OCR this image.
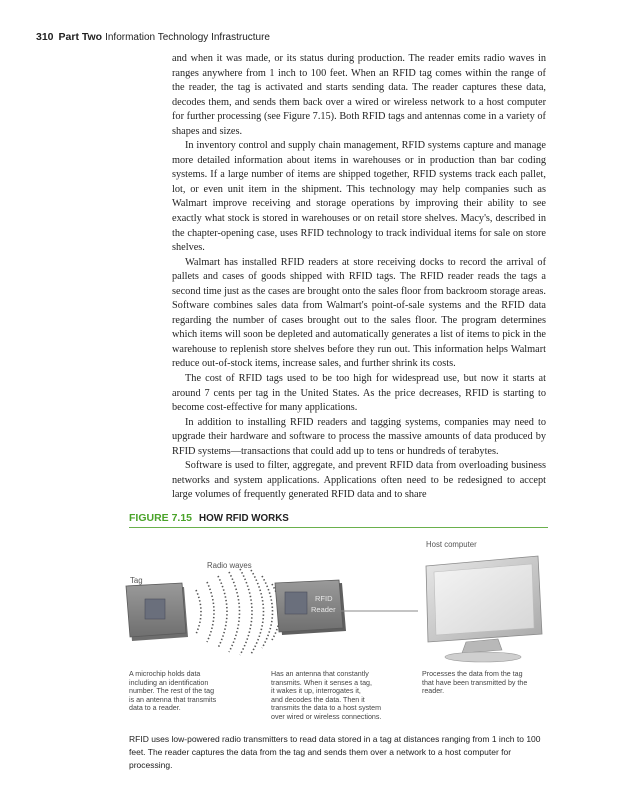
310 Part Two Information Technology Infrastructure

and when it was made, or its status during production. The reader emits radio waves in ranges anywhere from 1 inch to 100 feet. When an RFID tag comes within the range of the reader, the tag is activated and starts sending data. The reader captures these data, decodes them, and sends them back over a wired or wireless network to a host computer for further processing (see Figure 7.15). Both RFID tags and antennas come in a variety of shapes and sizes.

In inventory control and supply chain management, RFID systems capture and manage more detailed information about items in warehouses or in production than bar coding systems. If a large number of items are shipped together, RFID systems track each pallet, lot, or even unit item in the shipment. This technology may help companies such as Walmart improve receiving and storage operations by improving their ability to see exactly what stock is stored in warehouses or on retail store shelves. Macy's, described in the chapter-opening case, uses RFID technology to track individual items for sale on store shelves.

Walmart has installed RFID readers at store receiving docks to record the arrival of pallets and cases of goods shipped with RFID tags. The RFID reader reads the tags a second time just as the cases are brought onto the sales floor from backroom storage areas. Software combines sales data from Walmart's point-of-sale systems and the RFID data regarding the number of cases brought out to the sales floor. The program determines which items will soon be depleted and automatically generates a list of items to pick in the warehouse to replenish store shelves before they run out. This information helps Walmart reduce out-of-stock items, increase sales, and further shrink its costs.

The cost of RFID tags used to be too high for widespread use, but now it starts at around 7 cents per tag in the United States. As the price decreases, RFID is starting to become cost-effective for many applications.

In addition to installing RFID readers and tagging systems, companies may need to upgrade their hardware and software to process the massive amounts of data produced by RFID systems—transactions that could add up to tens or hundreds of terabytes.

Software is used to filter, aggregate, and prevent RFID data from overloading business networks and system applications. Applications often need to be redesigned to accept large volumes of frequently generated RFID data and to share

FIGURE 7.15 HOW RFID WORKS
RFID
Reader
Tag
Radio waves
Host computer
A microchip holds data
including an identification
number. The rest of the tag
is an antenna that transmits
data to a reader.
Has an antenna that constantly
transmits. When it senses a tag,
it wakes it up, interrogates it,
and decodes the data. Then it
transmits the data to a host system
over wired or wireless connections.
Processes the data from the tag
that have been transmitted by the
reader.
RFID uses low-powered radio transmitters to read data stored in a tag at distances ranging from 1 inch to 100 feet. The reader captures the data from the tag and sends them over a network to a host computer for processing.
